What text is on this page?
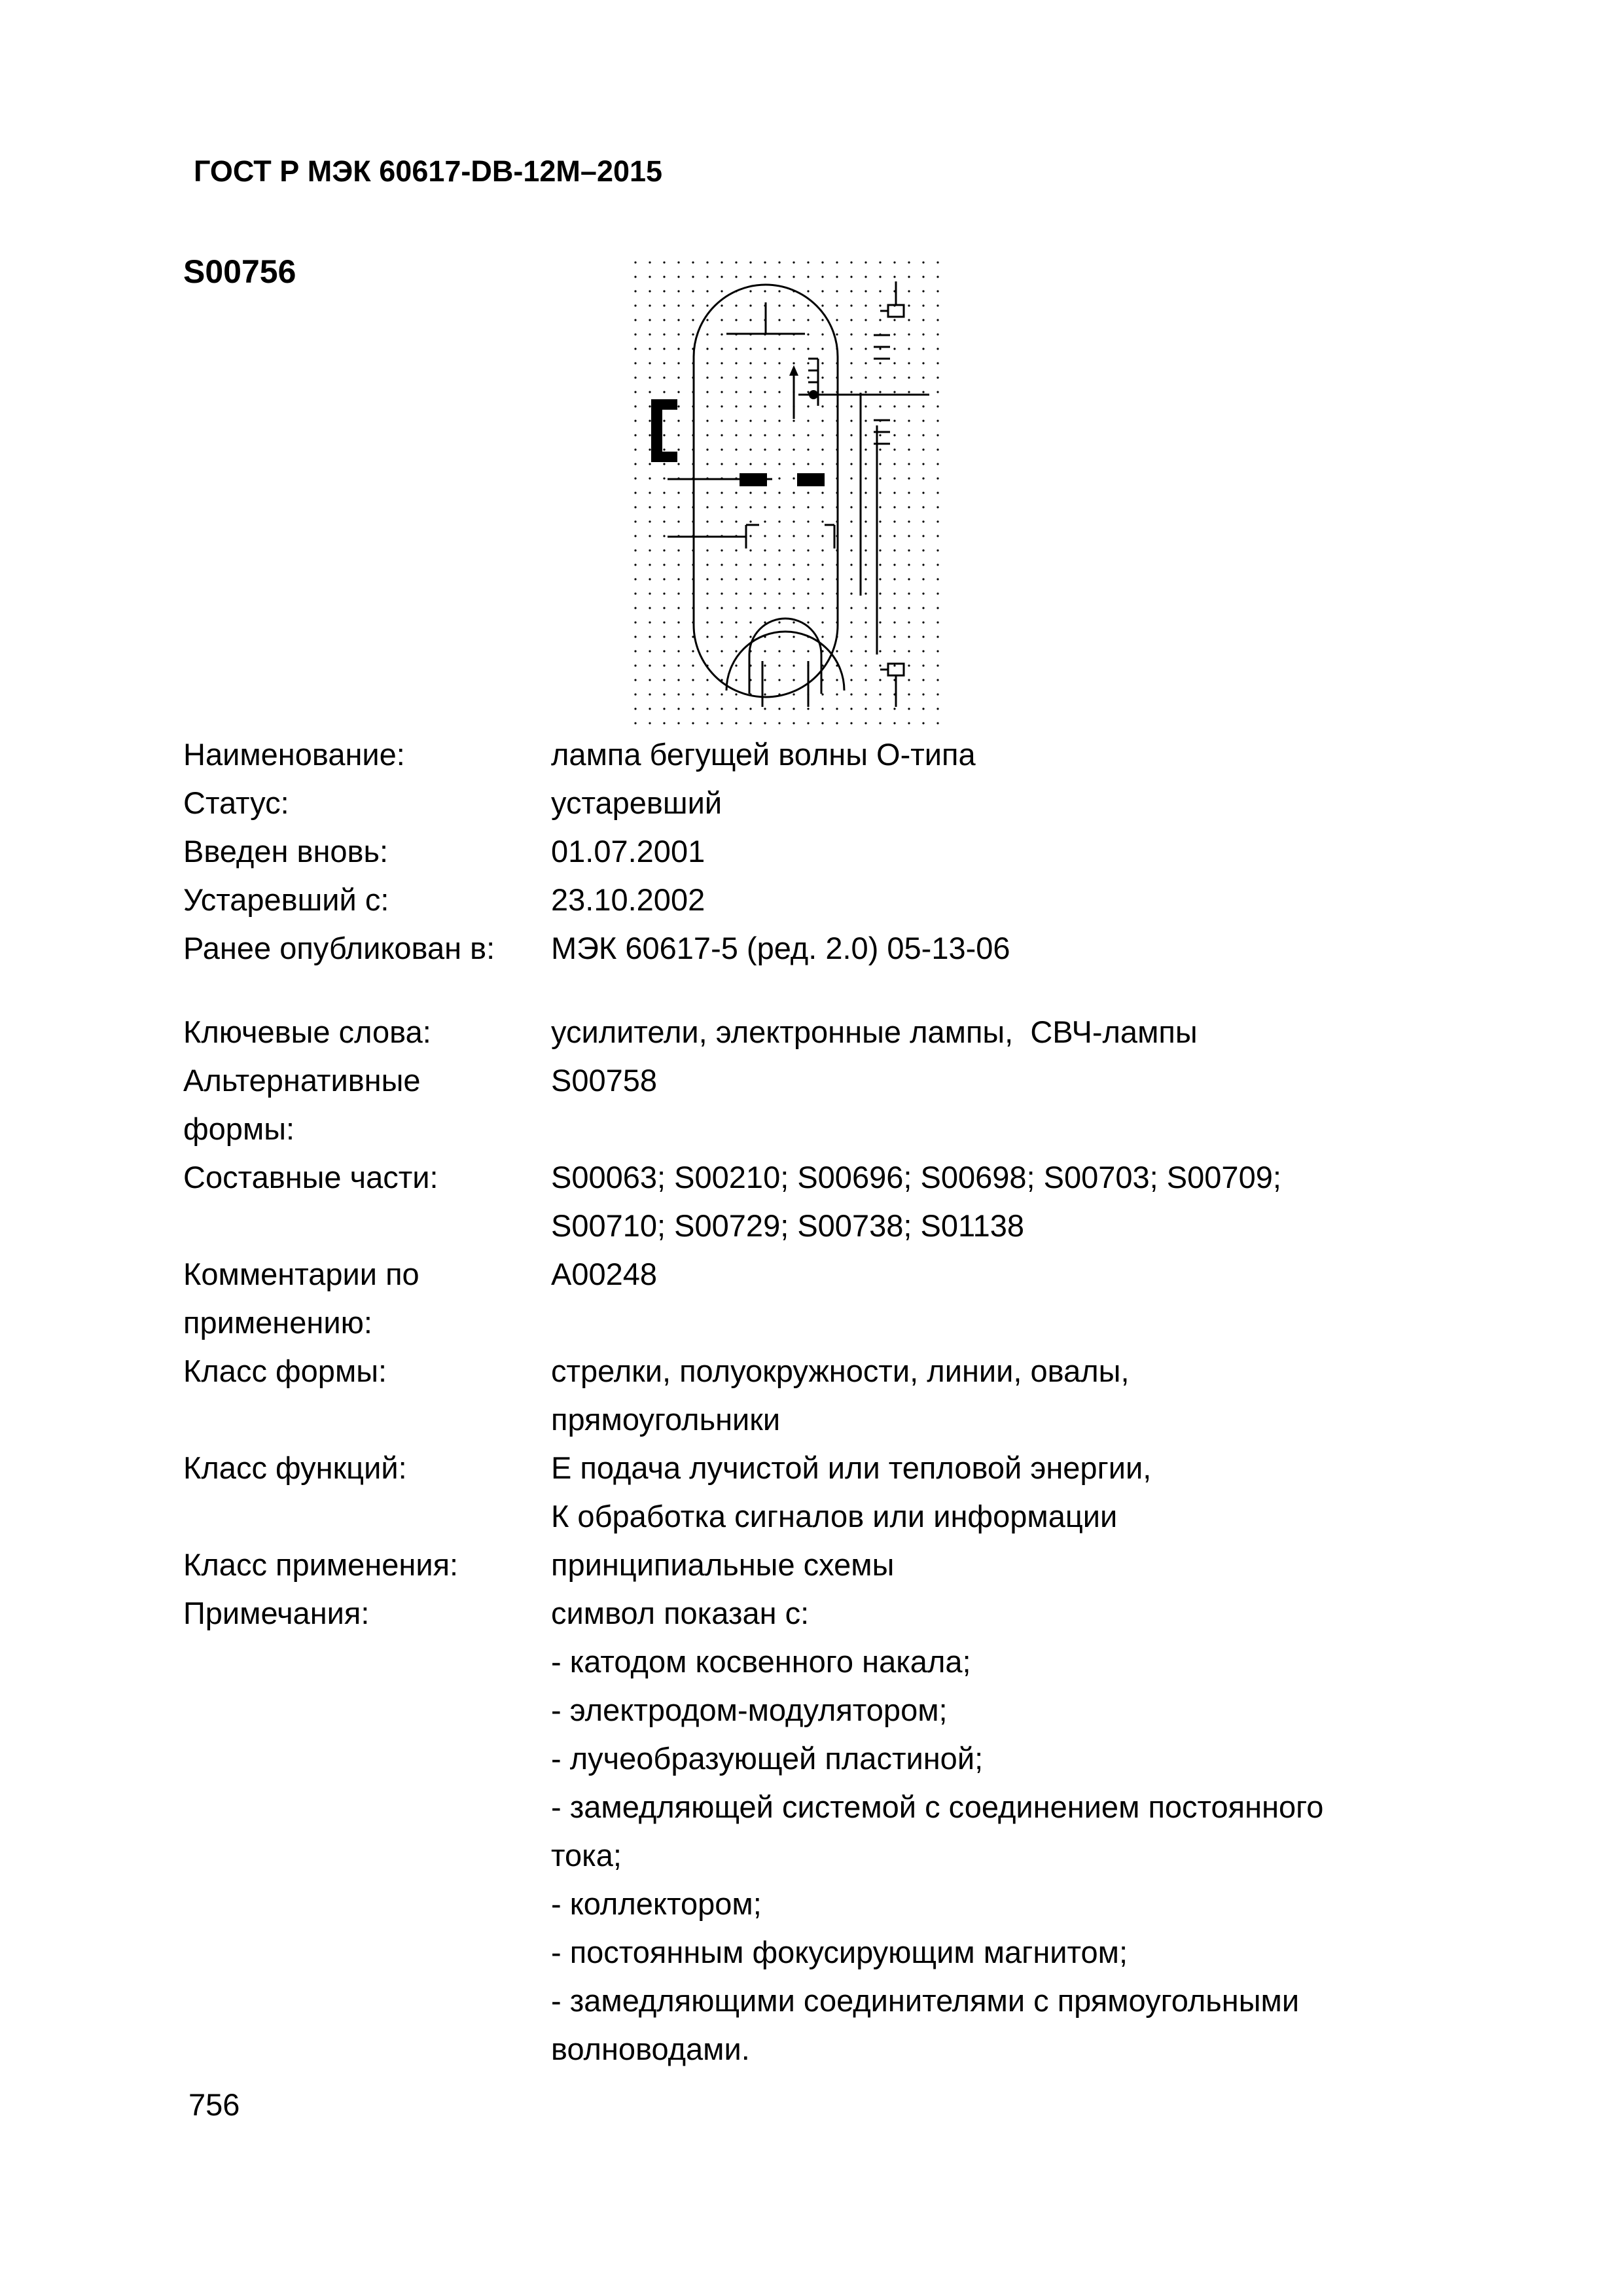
ГОСТ Р МЭК 60617-DB-12M–2015
S00756
Наименование:	лампа бегущей волны О-типа
Статус:	устаревший
Введен вновь:	01.07.2001
Устаревший с:	23.10.2002
Ранее опубликован в:	МЭК 60617-5 (ред. 2.0) 05-13-06
Ключевые слова:	усилители, электронные лампы,  СВЧ-лампы
Альтернативные	S00758
формы:
Составные части:	S00063; S00210; S00696; S00698; S00703; S00709;
S00710; S00729; S00738; S01138
Комментарии по	A00248
применению:
Класс формы:	стрелки, полуокружности, линии, овалы,
прямоугольники
Класс функций:	Е подача лучистой или тепловой энергии,
К обработка сигналов или информации
Класс применения:	принципиальные схемы
Примечания:	символ показан с:
- катодом косвенного накала;
- электродом-модулятором;
- лучеобразующей пластиной;
- замедляющей системой с соединением постоянного
тока;
- коллектором;
- постоянным фокусирующим магнитом;
- замедляющими соединителями с прямоугольными
волноводами.
756
